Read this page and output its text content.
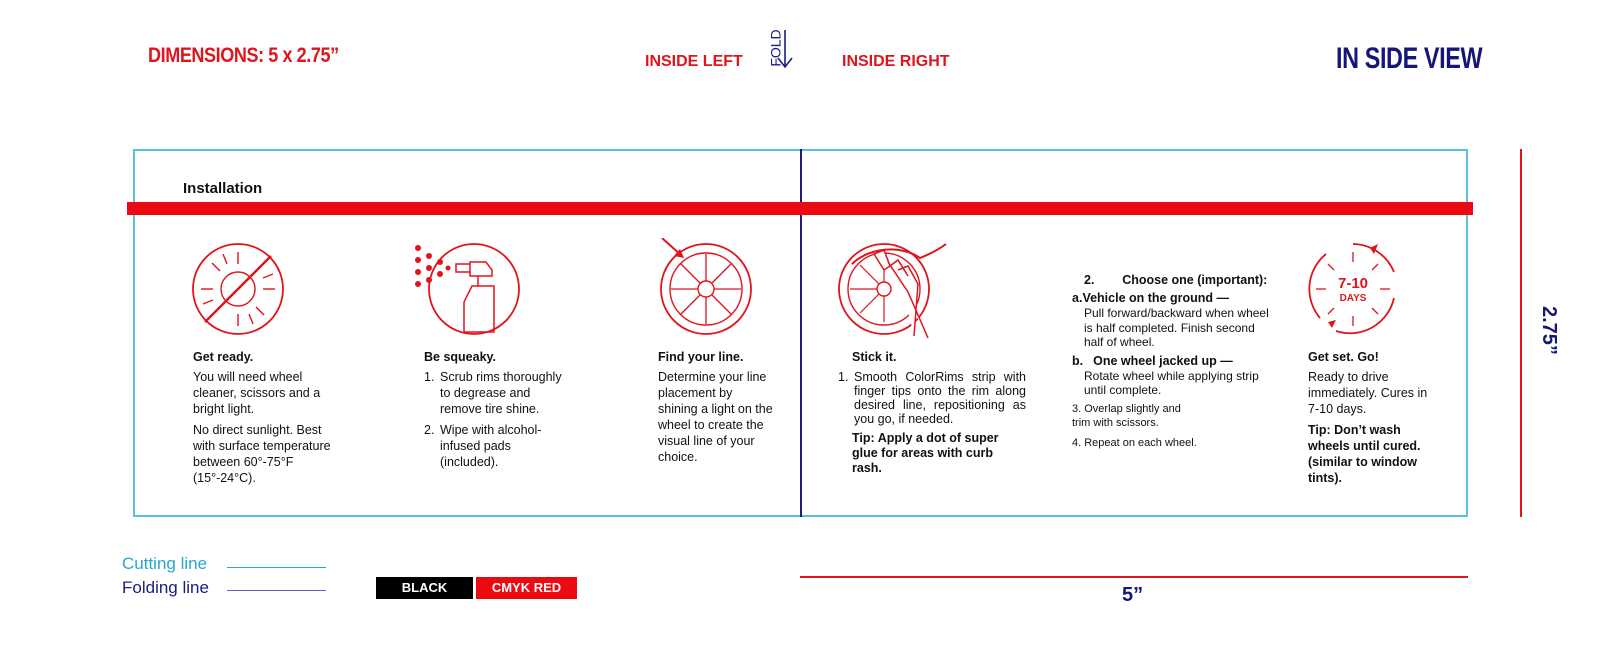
DIMENSIONS: 5 x 2.75”	INSIDE LEFT FOLD	INSIDE RIGHT	IN SIDE VIEW
Installation
Get ready.
You will need wheel cleaner, scissors and a bright light.
No direct sunlight. Best with surface temperature between 60°-75°F (15°-24°C).
Be squeaky.
1. Scrub rims thoroughly to degrease and remove tire shine.
2. Wipe with alcohol-infused pads (included).
Find your line.
Determine your line placement by shining a light on the wheel to create the visual line of your choice.
Stick it.
1. Smooth ColorRims strip with finger tips onto the rim along desired line, repositioning as you go, if needed.
Tip: Apply a dot of super glue for areas with curb rash.
2.        Choose one (important):
a.Vehicle on the ground —
Pull forward/backward when wheel is half completed. Finish second half of wheel.
b. One wheel jacked up —
Rotate wheel while applying strip until complete.
3. Overlap slightly and trim with scissors.
4. Repeat on each wheel.
7-10
DAYS
Get set. Go!
Ready to drive immediately. Cures in 7-10 days.
Tip: Don’t wash wheels until cured. (similar to window tints).
Cutting line
Folding line	BLACK	CMYK RED	5”
2.75”
